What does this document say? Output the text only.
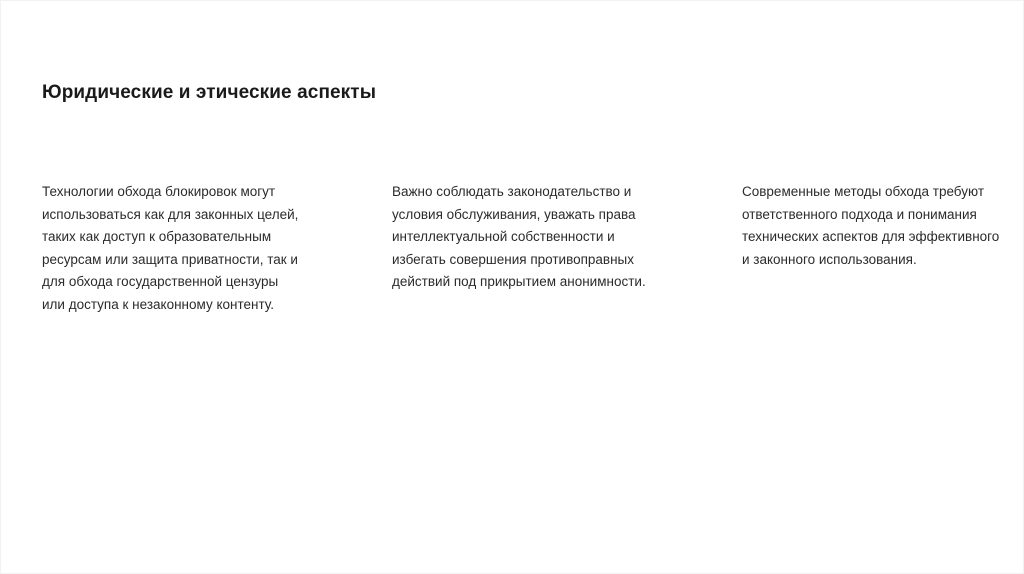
Юридические и этические аспекты

Технологии обхода блокировок могут
использоваться как для законных целей,
таких как доступ к образовательным
ресурсам или защита приватности, так и
для обхода государственной цензуры
или доступа к незаконному контенту.

Важно соблюдать законодательство и
условия обслуживания, уважать права
интеллектуальной собственности и
избегать совершения противоправных
действий под прикрытием анонимности.

Современные методы обхода требуют
ответственного подхода и понимания
технических аспектов для эффективного
и законного использования.
